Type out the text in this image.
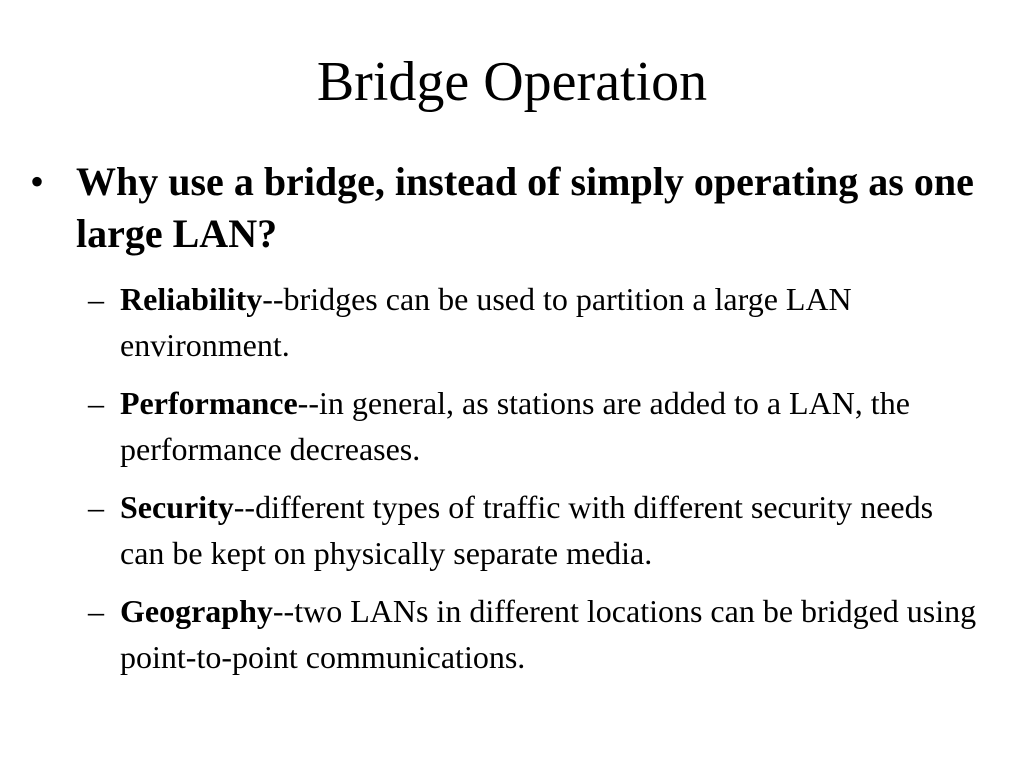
Bridge Operation
• Why use a bridge, instead of simply operating as one large LAN?
– Reliability--bridges can be used to partition a large LAN environment.
– Performance--in general, as stations are added to a LAN, the performance decreases.
– Security--different types of traffic with different security needs can be kept on physically separate media.
– Geography--two LANs in different locations can be bridged using point-to-point communications.
